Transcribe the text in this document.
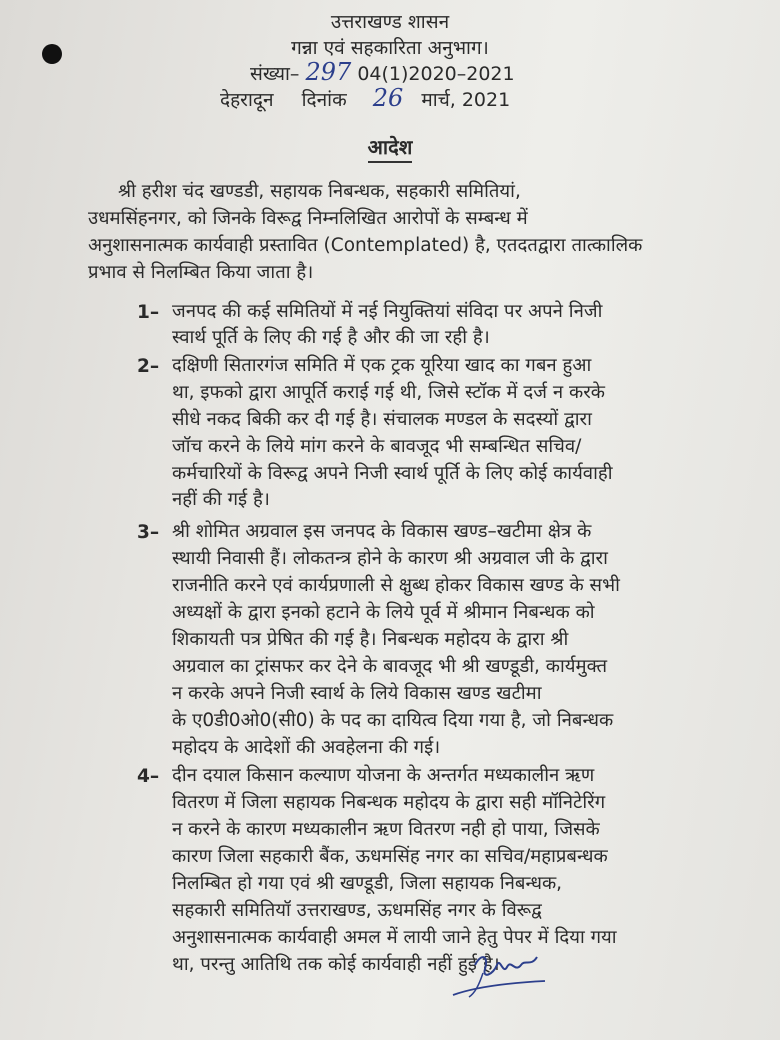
उत्तराखण्ड शासन
गन्ना एवं सहकारिता अनुभाग।
संख्या– 297 04(1)2020–2021
देहरादून दिनांक 26 मार्च, 2021
आदेश
श्री हरीश चंद खण्डडी, सहायक निबन्धक, सहकारी समितियां,
उधमसिंहनगर, को जिनके विरूद्व निम्नलिखित आरोपों के सम्बन्ध में
अनुशासनात्मक कार्यवाही प्रस्तावित (Contemplated) है, एतदतद्वारा तात्कालिक
प्रभाव से निलम्बित किया जाता है।
1– जनपद की कई समितियों में नई नियुक्तियां संविदा पर अपने निजी
स्वार्थ पूर्ति के लिए की गई है और की जा रही है।
2– दक्षिणी सितारगंज समिति में एक ट्रक यूरिया खाद का गबन हुआ
था, इफको द्वारा आपूर्ति कराई गई थी, जिसे स्टॉक में दर्ज न करके
सीधे नकद बिकी कर दी गई है। संचालक मण्डल के सदस्यों द्वारा
जॉच करने के लिये मांग करने के बावजूद भी सम्बन्धित सचिव/
कर्मचारियों के विरूद्व अपने निजी स्वार्थ पूर्ति के लिए कोई कार्यवाही
नहीं की गई है।
3– श्री शोमित अग्रवाल इस जनपद के विकास खण्ड–खटीमा क्षेत्र के
स्थायी निवासी हैं। लोकतन्त्र होने के कारण श्री अग्रवाल जी के द्वारा
राजनीति करने एवं कार्यप्रणाली से क्षुब्ध होकर विकास खण्ड के सभी
अध्यक्षों के द्वारा इनको हटाने के लिये पूर्व में श्रीमान निबन्धक को
शिकायती पत्र प्रेषित की गई है। निबन्धक महोदय के द्वारा श्री
अग्रवाल का ट्रांसफर कर देने के बावजूद भी श्री खण्डूडी, कार्यमुक्त
न करके अपने निजी स्वार्थ के लिये विकास खण्ड खटीमा
के ए0डी0ओ0(सी0) के पद का दायित्व दिया गया है, जो निबन्धक
महोदय के आदेशों की अवहेलना की गई।
4– दीन दयाल किसान कल्याण योजना के अन्तर्गत मध्यकालीन ऋण
वितरण में जिला सहायक निबन्धक महोदय के द्वारा सही मॉनिटेरिंग
न करने के कारण मध्यकालीन ऋण वितरण नही हो पाया, जिसके
कारण जिला सहकारी बैंक, ऊधमसिंह नगर का सचिव/महाप्रबन्धक
निलम्बित हो गया एवं श्री खण्डूडी, जिला सहायक निबन्धक,
सहकारी समितियॉ उत्तराखण्ड, ऊधमसिंह नगर के विरूद्व
अनुशासनात्मक कार्यवाही अमल में लायी जाने हेतु पेपर में दिया गया
था, परन्तु आतिथि तक कोई कार्यवाही नहीं हुई है।
